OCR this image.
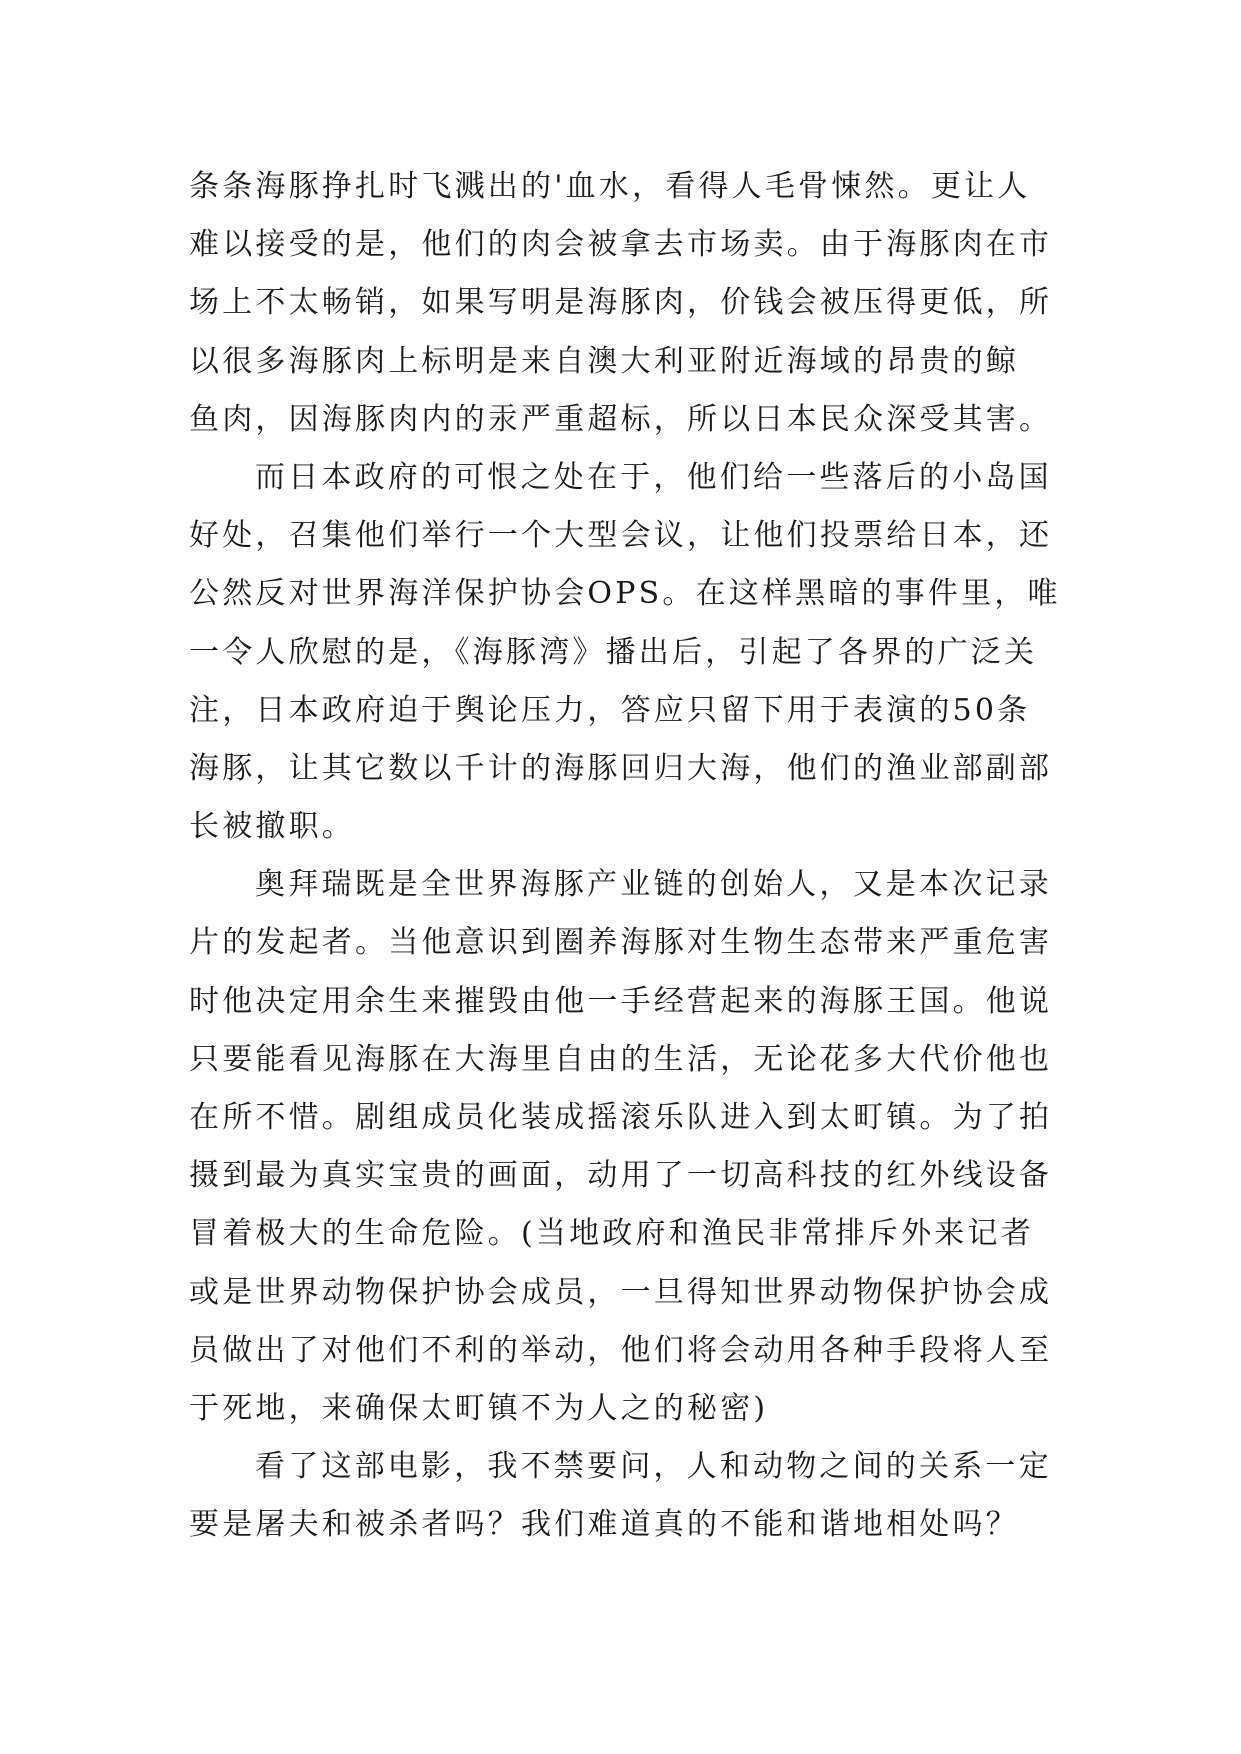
条条海豚挣扎时飞溅出的'血水，看得人毛骨悚然。更让人
难以接受的是，他们的肉会被拿去市场卖。由于海豚肉在市
场上不太畅销，如果写明是海豚肉，价钱会被压得更低，所
以很多海豚肉上标明是来自澳大利亚附近海域的昂贵的鲸
鱼肉，因海豚肉内的汞严重超标，所以日本民众深受其害。
而日本政府的可恨之处在于，他们给一些落后的小岛国
好处，召集他们举行一个大型会议，让他们投票给日本，还
公然反对世界海洋保护协会OPS。在这样黑暗的事件里，唯
一令人欣慰的是，《海豚湾》播出后，引起了各界的广泛关
注，日本政府迫于舆论压力，答应只留下用于表演的50条
海豚，让其它数以千计的海豚回归大海，他们的渔业部副部
长被撤职。
奥拜瑞既是全世界海豚产业链的创始人，又是本次记录
片的发起者。当他意识到圈养海豚对生物生态带来严重危害
时他决定用余生来摧毁由他一手经营起来的海豚王国。他说
只要能看见海豚在大海里自由的生活，无论花多大代价他也
在所不惜。剧组成员化装成摇滚乐队进入到太町镇。为了拍
摄到最为真实宝贵的画面，动用了一切高科技的红外线设备
冒着极大的生命危险。(当地政府和渔民非常排斥外来记者
或是世界动物保护协会成员，一旦得知世界动物保护协会成
员做出了对他们不利的举动，他们将会动用各种手段将人至
于死地，来确保太町镇不为人之的秘密)
看了这部电影，我不禁要问，人和动物之间的关系一定
要是屠夫和被杀者吗？我们难道真的不能和谐地相处吗？
